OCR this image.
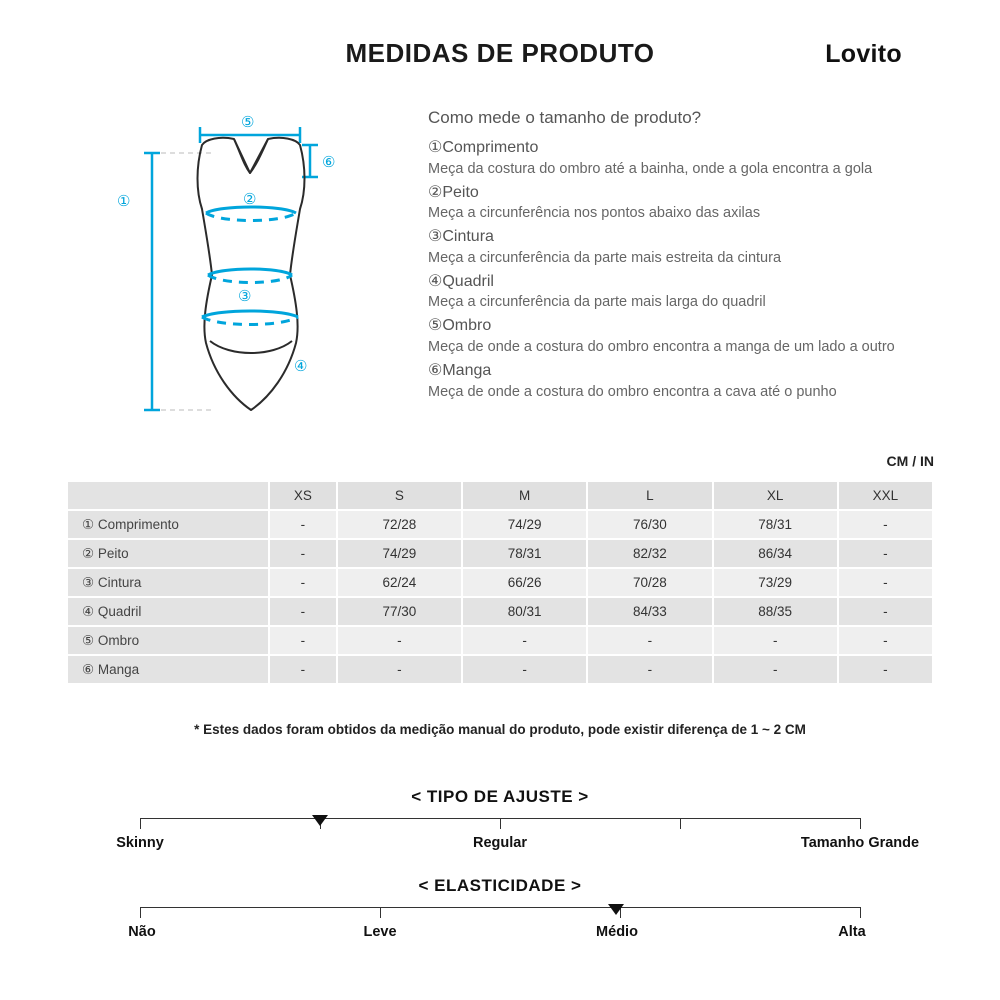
MEDIDAS DE PRODUTO	Lovito
①	②
③
④
⑤
⑥
Como mede o tamanho de produto?
①Comprimento
Meça da costura do ombro até a bainha, onde a gola encontra a gola
②Peito
Meça a circunferência nos pontos abaixo das axilas
③Cintura
Meça a circunferência da parte mais estreita da cintura
④Quadril
Meça a circunferência da parte mais larga do quadril
⑤Ombro
Meça de onde a costura do ombro encontra a manga de um lado a outro
⑥Manga
Meça de onde a costura do ombro encontra a cava até o punho
CM / IN
	XS	S	M	L	XL	XXL
① Comprimento	-	72/28	74/29	76/30	78/31	-
② Peito	-	74/29	78/31	82/32	86/34	-
③ Cintura	-	62/24	66/26	70/28	73/29	-
④ Quadril	-	77/30	80/31	84/33	88/35	-
⑤ Ombro	-	-	-	-	-	-
⑥ Manga	-	-	-	-	-	-
* Estes dados foram obtidos da medição manual do produto, pode existir diferença de 1 ~ 2 CM
< TIPO DE AJUSTE >
Skinny	Regular	Tamanho Grande
< ELASTICIDADE >
Não	Leve	Médio	Alta
